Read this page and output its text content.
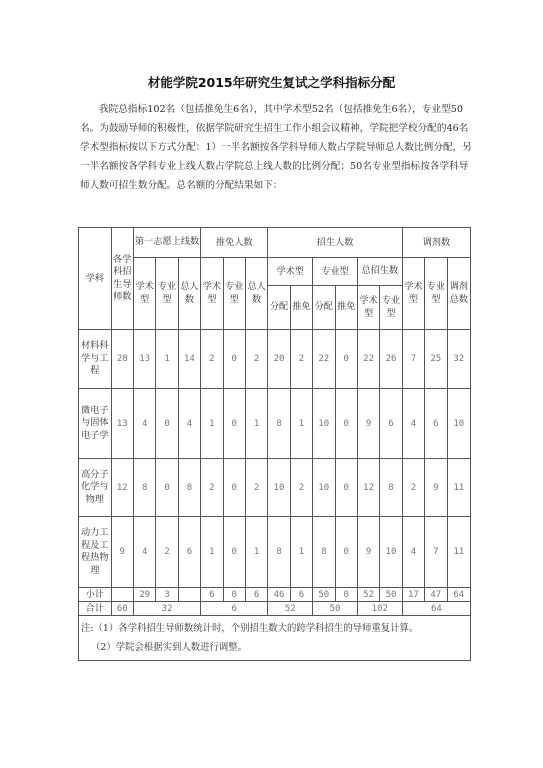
材能学院2015年研究生复试之学科指标分配

我院总指标102名（包括推免生6名），其中学术型52名（包括推免生6名），专业型50名。为鼓励导师的积极性，依据学院研究生招生工作小组会议精神，学院把学校分配的46名学术型指标按以下方式分配：1）一半名额按各学科导师人数占学院导师总人数比例分配，另一半名额按各学科专业上线人数占学院总上线人数的比例分配；50名专业型指标按各学科导师人数可招生数分配。总名额的分配结果如下：

学科	各学科招生导师数	第一志愿上线数			推免人数			招生人数						调剂数		
		学术型	专业型	总人数	学术型	专业型	总人数	学术型		专业型		总招生数		学术型	专业型	调剂总数
								分配	推免	分配	推免	学术型	专业型			
材料科学与工程	28	13	1	14	2	0	2	20	2	22	0	22	26	7	25	32
微电子与固体电子学	13	4	0	4	1	0	1	8	1	10	0	9	6	4	6	10
高分子化学与物理	12	8	0	8	2	0	2	10	2	10	0	12	8	2	9	11
动力工程及工程热物理	9	4	2	6	1	0	1	8	1	8	0	9	10	4	7	11
小计		29	3		6	0	6	46	6	50	0	52	50	17	47	64
合计	60	32			6			52		50		102		64		

注:（1）各学科招生导师数统计时，个别招生数大的跨学科招生的导师重复计算。
（2）学院会根据实到人数进行调整。																
